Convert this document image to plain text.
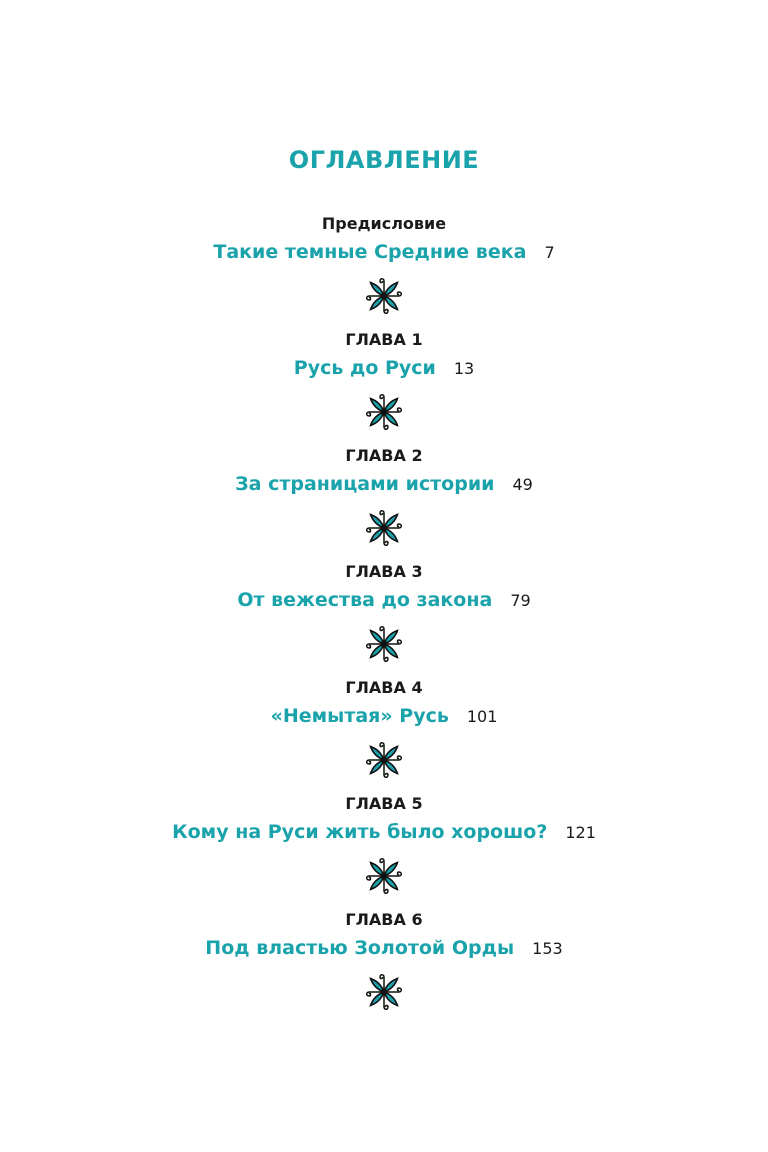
ОГЛАВЛЕНИЕ
Предисловие
Такие темные Средние века 7
ГЛАВА 1
Русь до Руси 13
ГЛАВА 2
За страницами истории 49
ГЛАВА 3
От вежества до закона 79
ГЛАВА 4
«Немытая» Русь 101
ГЛАВА 5
Кому на Руси жить было хорошо? 121
ГЛАВА 6
Под властью Золотой Орды 153
